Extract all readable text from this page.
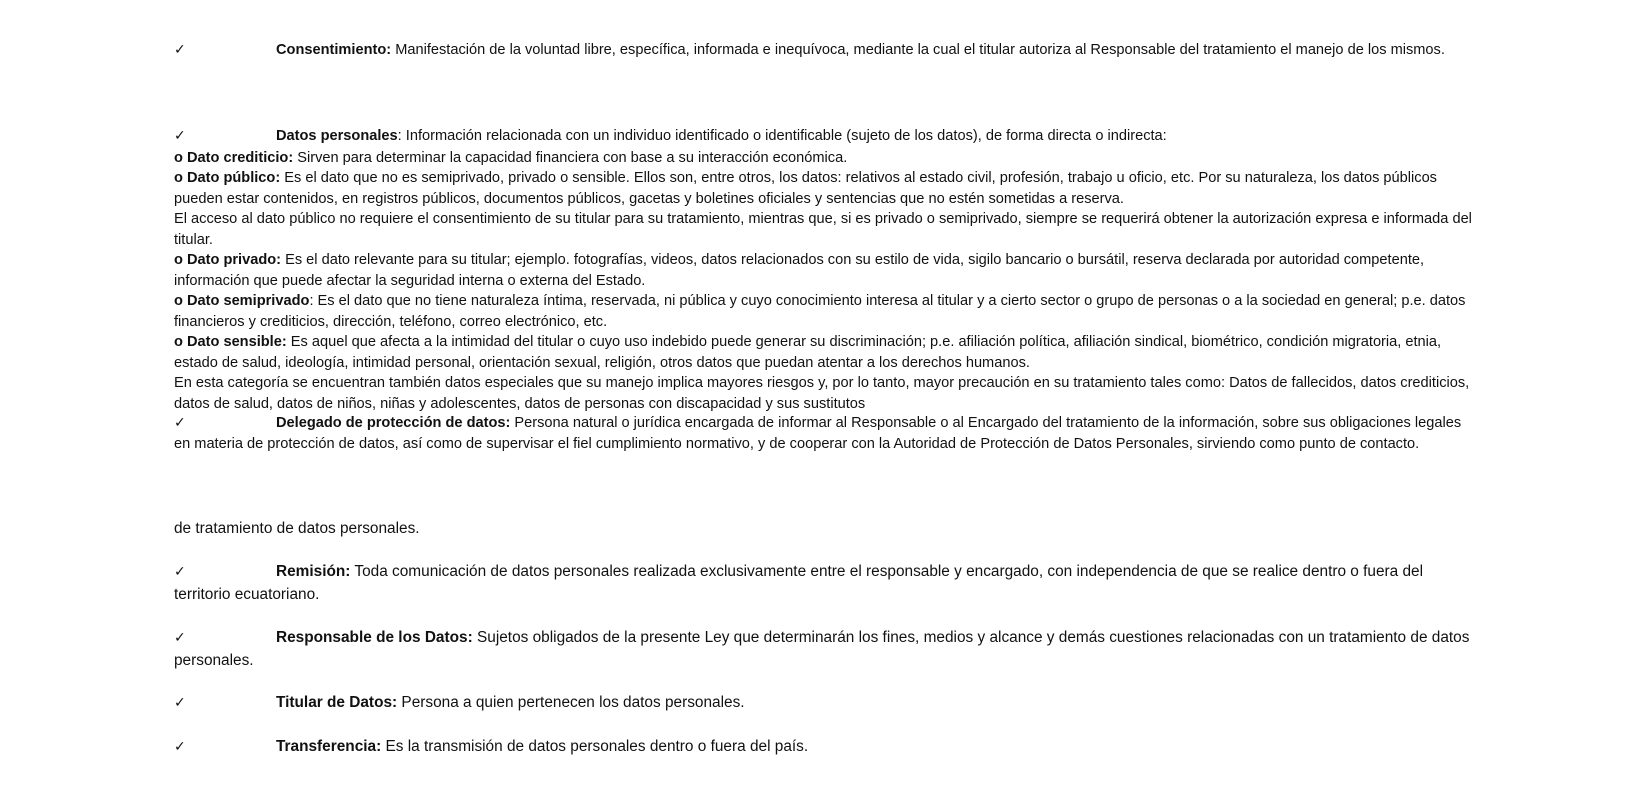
✓	Consentimiento: Manifestación de la voluntad libre, específica, informada e inequívoca, mediante la cual el titular autoriza al Responsable del tratamiento el manejo de los mismos.
✓	Datos personales: Información relacionada con un individuo identificado o identificable (sujeto de los datos), de forma directa o indirecta:
o Dato crediticio: Sirven para determinar la capacidad financiera con base a su interacción económica.
o Dato público: Es el dato que no es semiprivado, privado o sensible. Ellos son, entre otros, los datos: relativos al estado civil, profesión, trabajo u oficio, etc. Por su naturaleza, los datos públicos pueden estar contenidos, en registros públicos, documentos públicos, gacetas y boletines oficiales y sentencias que no estén sometidas a reserva.
El acceso al dato público no requiere el consentimiento de su titular para su tratamiento, mientras que, si es privado o semiprivado, siempre se requerirá obtener la autorización expresa e informada del titular.
o Dato privado: Es el dato relevante para su titular; ejemplo. fotografías, videos, datos relacionados con su estilo de vida, sigilo bancario o bursátil, reserva declarada por autoridad competente, información que puede afectar la seguridad interna o externa del Estado.
o Dato semiprivado: Es el dato que no tiene naturaleza íntima, reservada, ni pública y cuyo conocimiento interesa al titular y a cierto sector o grupo de personas o a la sociedad en general; p.e. datos financieros y crediticios, dirección, teléfono, correo electrónico, etc.
o Dato sensible: Es aquel que afecta a la intimidad del titular o cuyo uso indebido puede generar su discriminación; p.e. afiliación política, afiliación sindical, biométrico, condición migratoria, etnia, estado de salud, ideología, intimidad personal, orientación sexual, religión, otros datos que puedan atentar a los derechos humanos.
En esta categoría se encuentran también datos especiales que su manejo implica mayores riesgos y, por lo tanto, mayor precaución en su tratamiento tales como: Datos de fallecidos, datos crediticios, datos de salud, datos de niños, niñas y adolescentes, datos de personas con discapacidad y sus sustitutos
✓	Delegado de protección de datos: Persona natural o jurídica encargada de informar al Responsable o al Encargado del tratamiento de la información, sobre sus obligaciones legales en materia de protección de datos, así como de supervisar el fiel cumplimiento normativo, y de cooperar con la Autoridad de Protección de Datos Personales, sirviendo como punto de contacto.
de tratamiento de datos personales.
✓	Remisión: Toda comunicación de datos personales realizada exclusivamente entre el responsable y encargado, con independencia de que se realice dentro o fuera del territorio ecuatoriano.
✓	Responsable de los Datos: Sujetos obligados de la presente Ley que determinarán los fines, medios y alcance y demás cuestiones relacionadas con un tratamiento de datos personales.
✓	Titular de Datos: Persona a quien pertenecen los datos personales.
✓	Transferencia: Es la transmisión de datos personales dentro o fuera del país.
